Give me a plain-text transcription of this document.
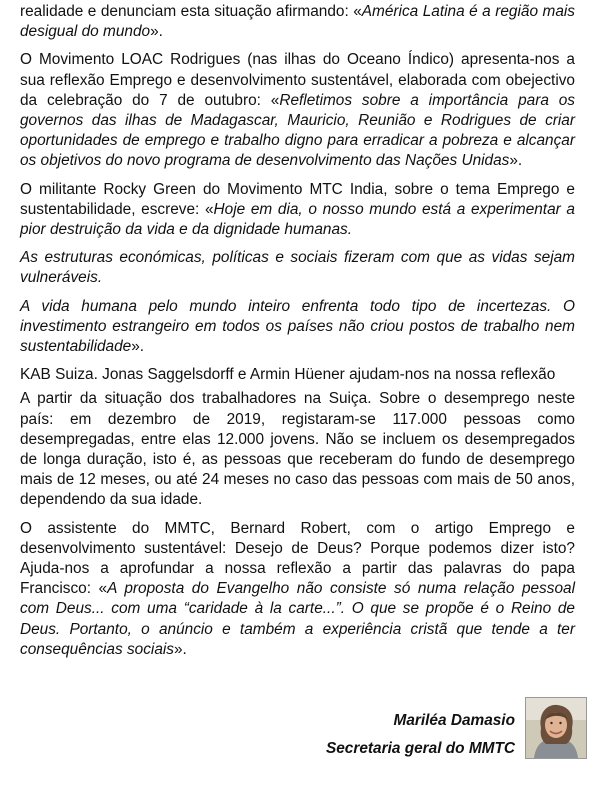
realidade e denunciam esta situação afirmando: «América Latina é a região mais desigual do mundo».

O Movimento LOAC Rodrigues (nas ilhas do Oceano Índico) apresenta-nos a sua reflexão Emprego e desenvolvimento sustentável, elaborada com obejectivo da celebração do 7 de outubro: «Refletimos sobre a importância para os governos das ilhas de Madagascar, Mauricio, Reunião e Rodrigues de criar oportunidades de emprego e trabalho digno para erradicar a pobreza e alcançar os objetivos do novo programa de desenvolvimento das Nações Unidas».

O militante Rocky Green do Movimento MTC India, sobre o tema Emprego e sustentabilidade, escreve: «Hoje em dia, o nosso mundo está a experimentar a pior destruição da vida e da dignidade humanas.

As estruturas económicas, políticas e sociais fizeram com que as vidas sejam vulneráveis.

A vida humana pelo mundo inteiro enfrenta todo tipo de incertezas. O investimento estrangeiro em todos os países não criou postos de trabalho nem sustentabilidade».

KAB Suiza. Jonas Saggelsdorff e Armin Hüener ajudam-nos na nossa reflexão

A partir da situação dos trabalhadores na Suiça. Sobre o desemprego neste país: em dezembro de 2019, registaram-se 117.000 pessoas como desempregadas, entre elas 12.000 jovens. Não se incluem os desempregados de longa duração, isto é, as pessoas que receberam do fundo de desemprego mais de 12 meses, ou até 24 meses no caso das pessoas com mais de 50 anos, dependendo da sua idade.

O assistente do MMTC, Bernard Robert, com o artigo Emprego e desenvolvimento sustentável: Desejo de Deus? Porque podemos dizer isto? Ajuda-nos a aprofundar a nossa reflexão a partir das palavras do papa Francisco: «A proposta do Evangelho não consiste só numa relação pessoal com Deus... com uma “caridade à la carte...”. O que se propõe é o Reino de Deus. Portanto, o anúncio e também a experiência cristã que tende a ter consequências sociais».

Mariléa Damasio
Secretaria geral do MMTC
